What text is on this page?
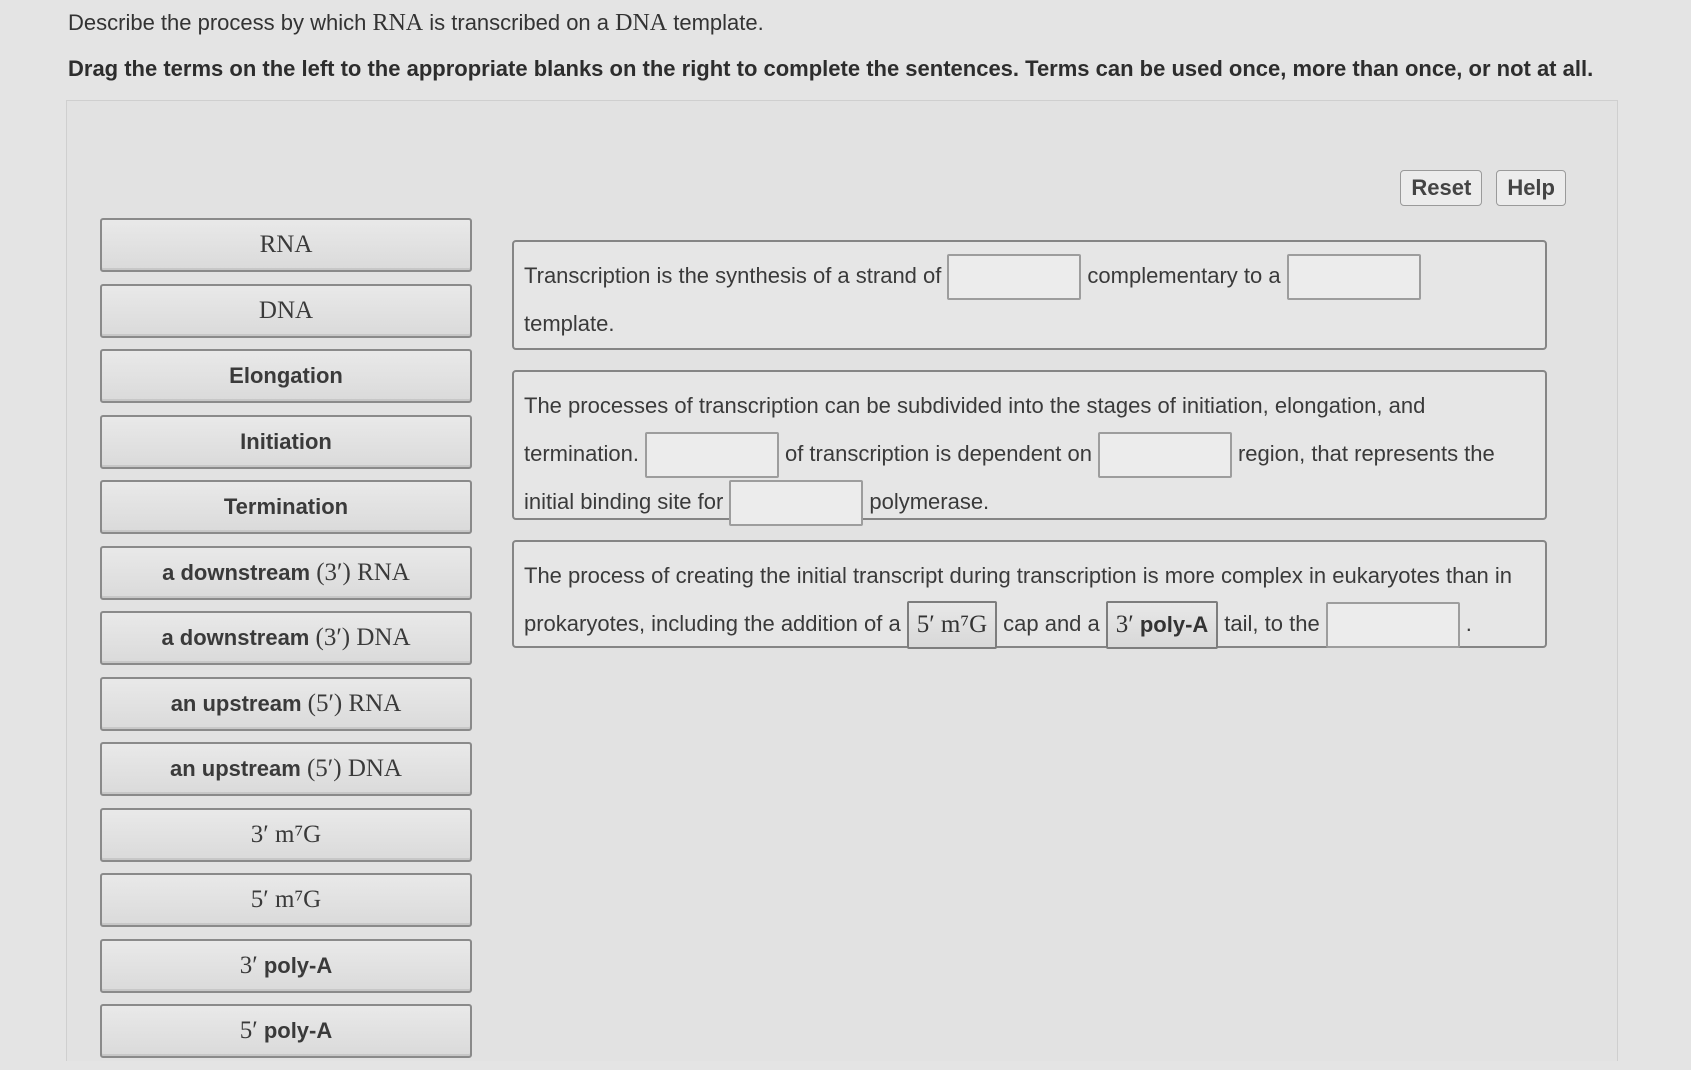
Describe the process by which RNA is transcribed on a DNA template.
Drag the terms on the left to the appropriate blanks on the right to complete the sentences. Terms can be used once, more than once, or not at all.
Reset	Help
RNA
DNA
Elongation
Initiation
Termination
a downstream
(3′) RNA
a downstream
(3′) DNA
an upstream
(5′) RNA
an upstream
(5′) DNA
3′ m⁷G
5′ m⁷G
3′ poly-A
5′ poly-A
Transcription is the synthesis of a strand of	complementary to a
template.
The processes of transcription can be subdivided into the stages of initiation, elongation, and termination.	of transcription is dependent on	region, that represents the initial binding site for	polymerase.
The process of creating the initial transcript during transcription is more complex in eukaryotes than in prokaryotes, including the addition of a 5′ m⁷G cap and a 3′ poly-A tail, to the	.
